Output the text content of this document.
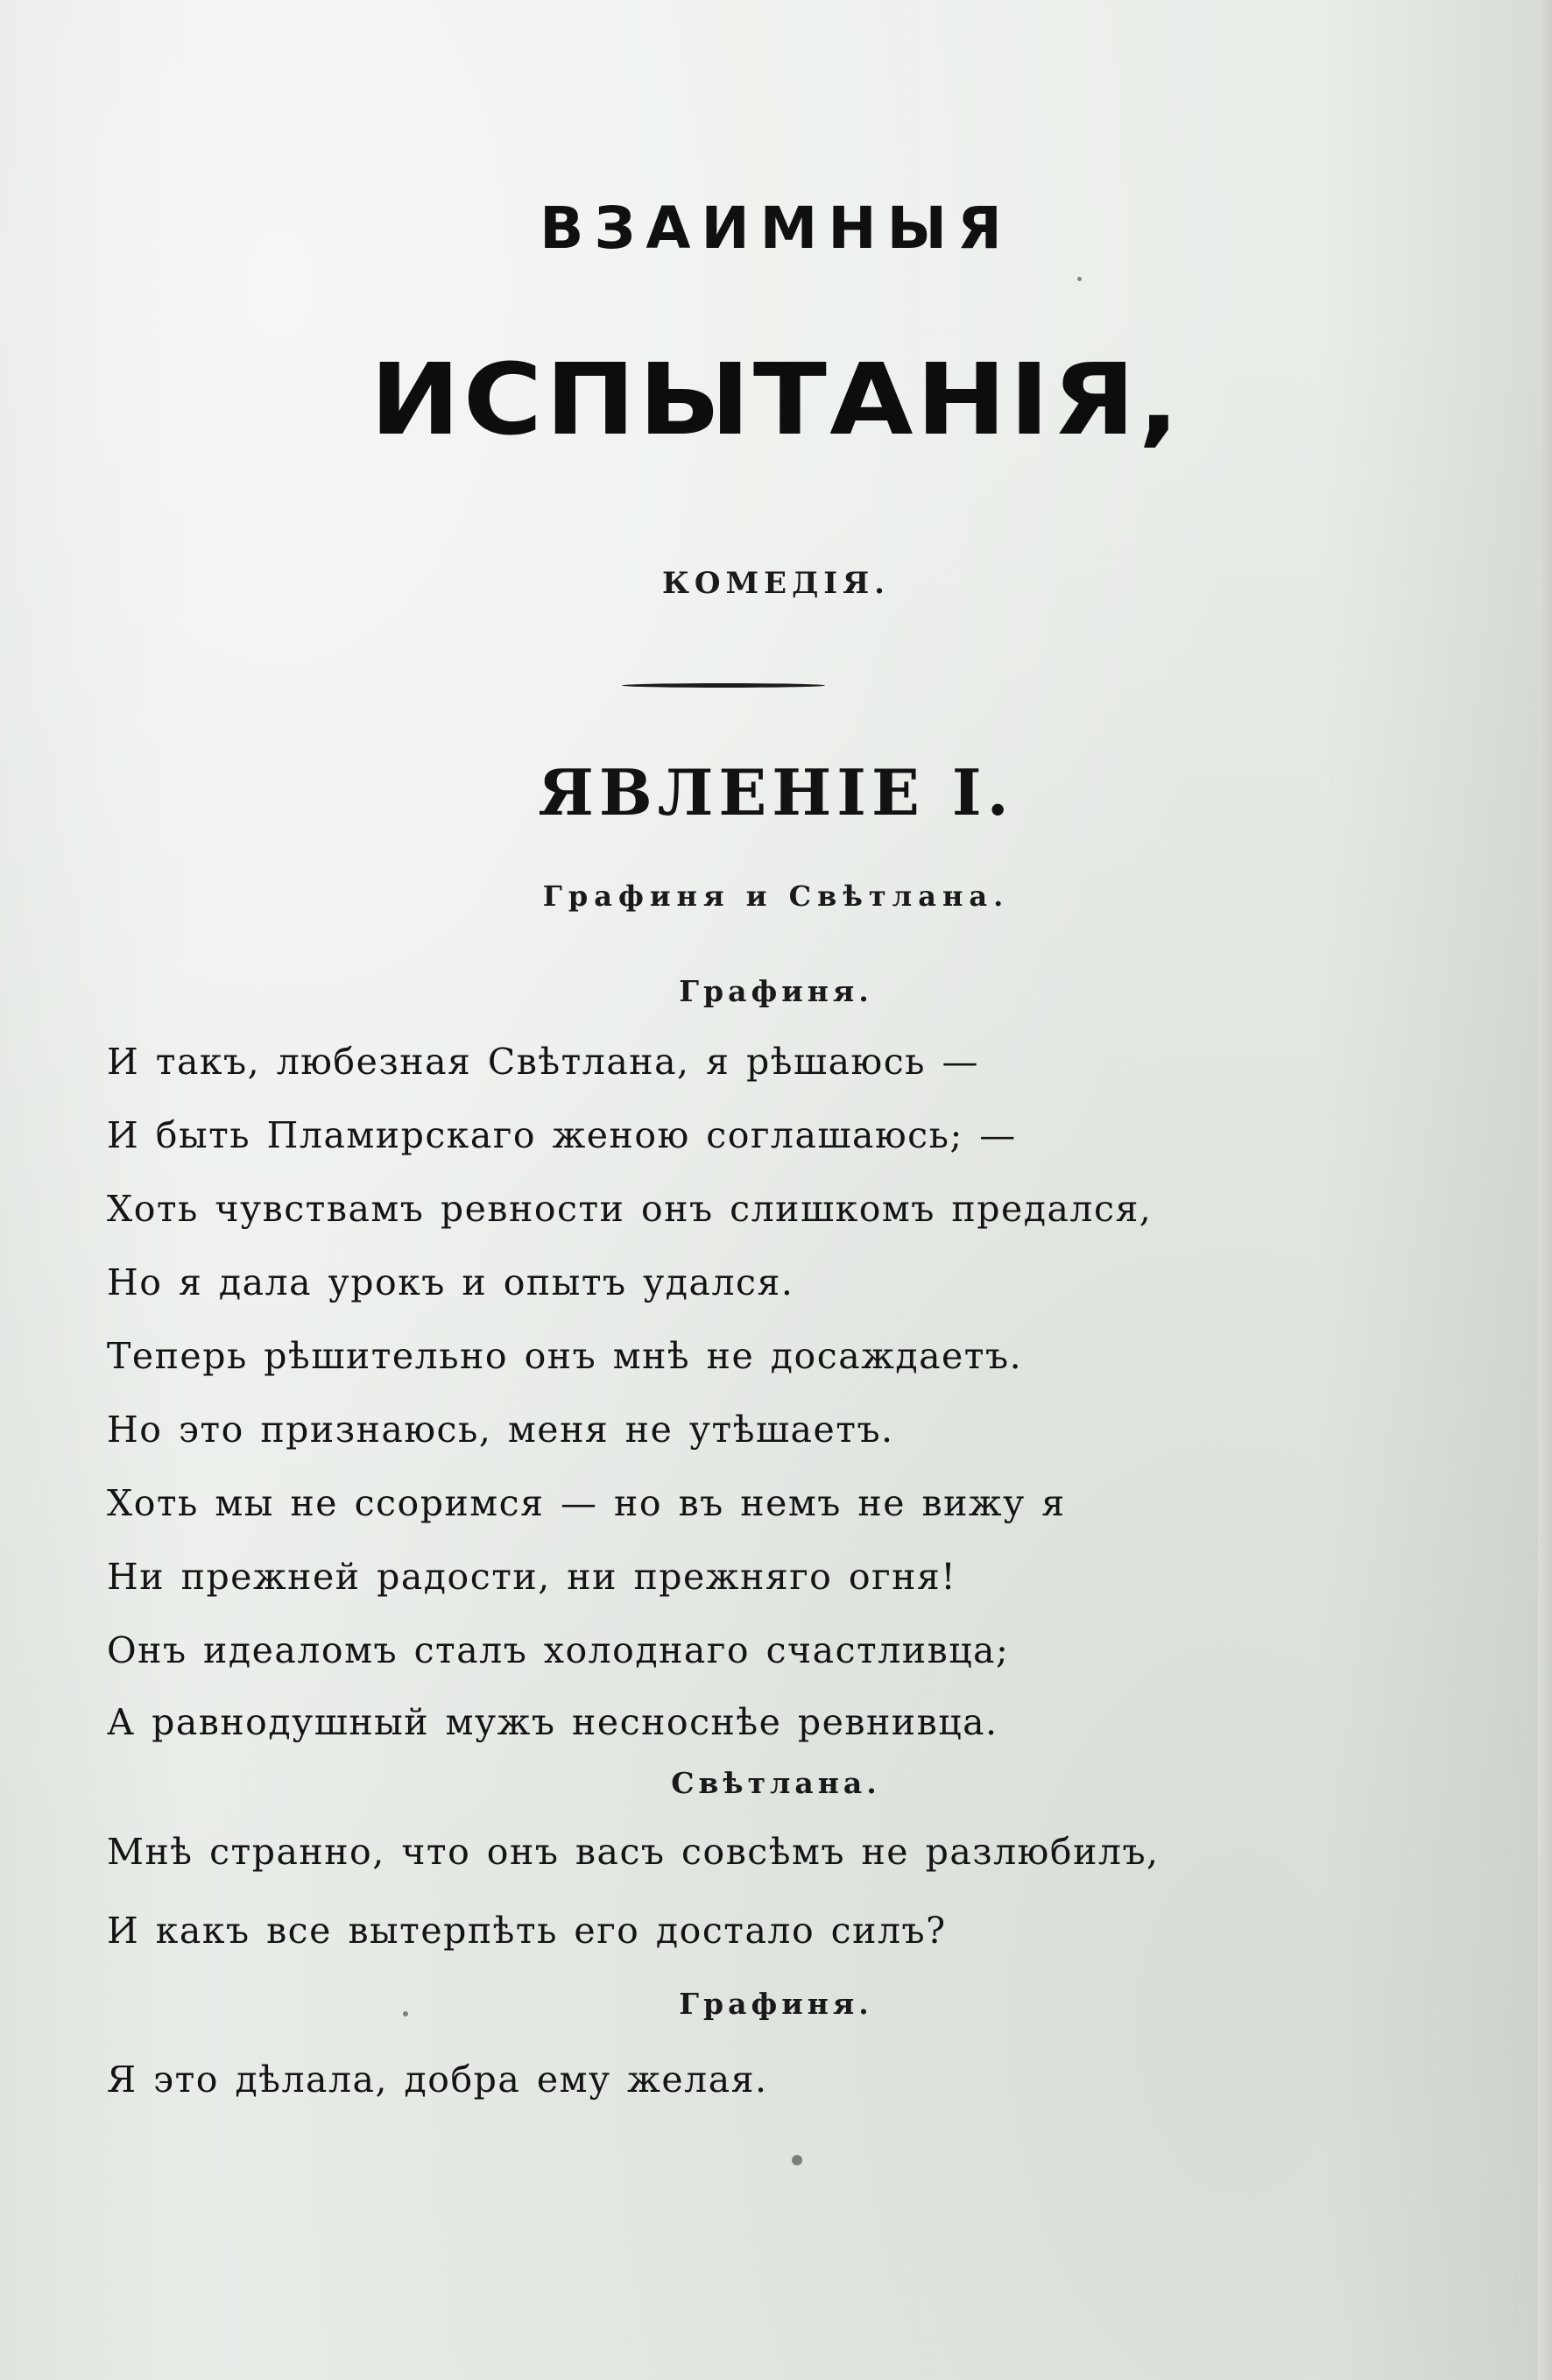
ВЗАИМНЫЯ
ИСПЫТАНІЯ,
КОМЕДІЯ.
ЯВЛЕНІЕ I.
Графиня и Свѣтлана.
Графиня.
И такъ, любезная Свѣтлана, я рѣшаюсь —
И быть Пламирскаго женою соглашаюсь; —
Хоть чувствамъ ревности онъ слишкомъ предался,
Но я дала урокъ и опытъ удался.
Теперь рѣшительно онъ мнѣ не досаждаетъ.
Но это признаюсь, меня не утѣшаетъ.
Хоть мы не ссоримся — но въ немъ не вижу я
Ни прежней радости, ни прежняго огня!
Онъ идеаломъ сталъ холоднаго счастливца;
А равнодушный мужъ несноснѣе ревнивца.
Свѣтлана.
Мнѣ странно, что онъ васъ совсѣмъ не разлюбилъ,
И какъ все вытерпѣть его достало силъ?
Графиня.
Я это дѣлала, добра ему желая.
